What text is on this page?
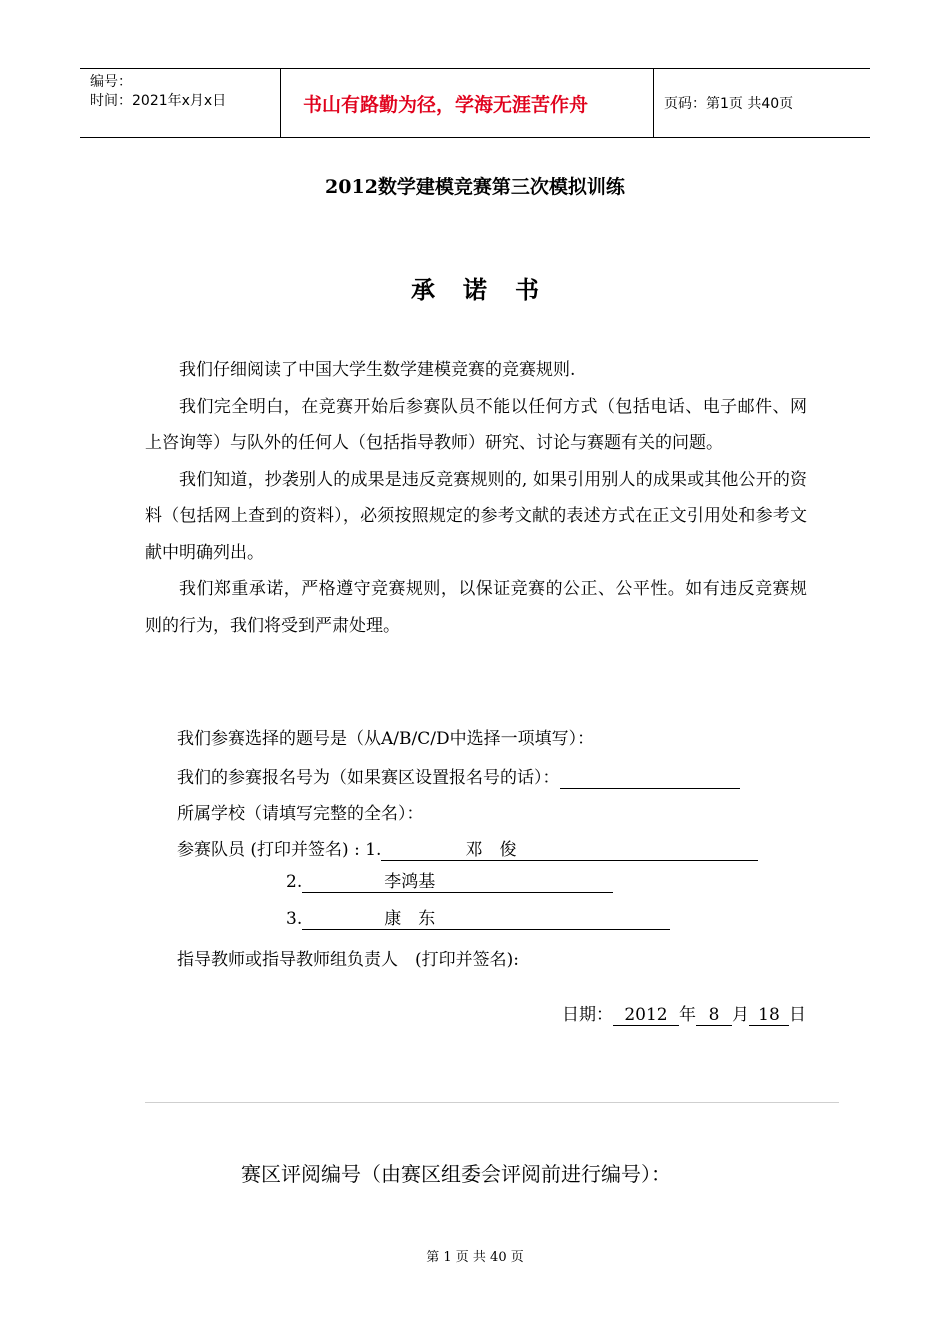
编号：
时间：2021年x月x日	书山有路勤为径，学海无涯苦作舟	页码：第1页 共40页
2012数学建模竞赛第三次模拟训练
承诺书

我们仔细阅读了中国大学生数学建模竞赛的竞赛规则.

我们完全明白，在竞赛开始后参赛队员不能以任何方式（包括电话、电子邮件、网上咨询等）与队外的任何人（包括指导教师）研究、讨论与赛题有关的问题。

我们知道，抄袭别人的成果是违反竞赛规则的, 如果引用别人的成果或其他公开的资料（包括网上查到的资料），必须按照规定的参考文献的表述方式在正文引用处和参考文献中明确列出。

我们郑重承诺，严格遵守竞赛规则，以保证竞赛的公正、公平性。如有违反竞赛规则的行为，我们将受到严肃处理。

我们参赛选择的题号是（从A/B/C/D中选择一项填写）：
我们的参赛报名号为（如果赛区设置报名号的话）：
所属学校（请填写完整的全名）：
参赛队员 (打印并签名) : 1.	邓　俊
2.	李鸿基
3.	康　东
指导教师或指导教师组负责人　(打印并签名):
日期： 2012 年 8 月 18 日
赛区评阅编号（由赛区组委会评阅前进行编号）：
第 1 页 共 40 页
